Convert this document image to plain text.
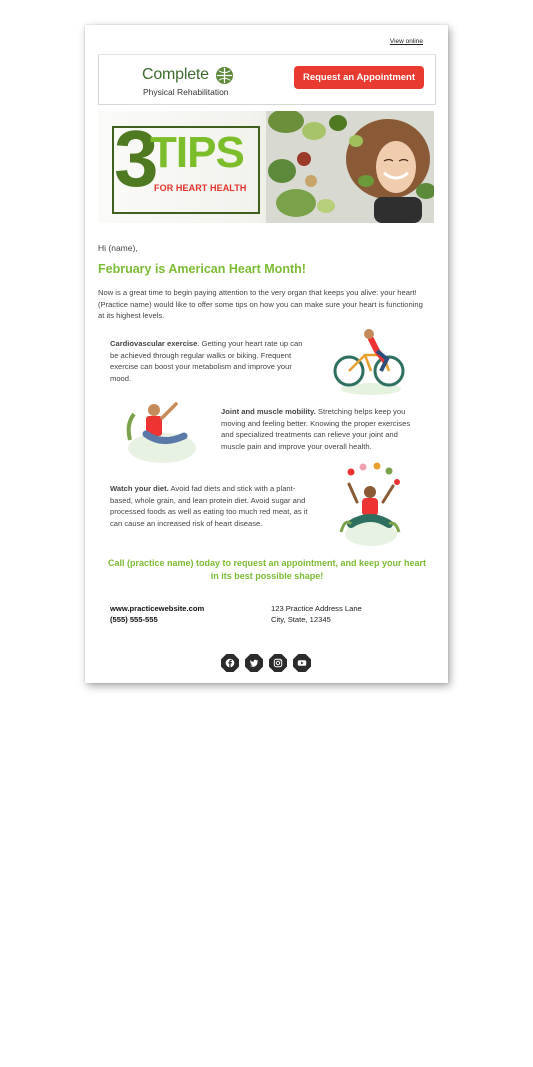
View online
Complete
Physical Rehabilitation
Request an Appointment
3
TIPS
FOR HEART HEALTH
Hi (name),
February is American Heart Month!
Now is a great time to begin paying attention to the very organ that keeps you alive: your heart! (Practice name) would like to offer some tips on how you can make sure your heart is functioning at its highest levels.
Cardiovascular exercise. Getting your heart rate up can be achieved through regular walks or biking. Frequent exercise can boost your metabolism and improve your mood.
Joint and muscle mobility. Stretching helps keep you moving and feeling better. Knowing the proper exercises and specialized treatments can relieve your joint and muscle pain and improve your overall health.
Watch your diet. Avoid fad diets and stick with a plant-based, whole grain, and lean protein diet. Avoid sugar and processed foods as well as eating too much red meat, as it can cause an increased risk of heart disease.
Call (practice name) today to request an appointment, and keep your heart in its best possible shape!
www.practicewebsite.com
(555) 555-555
123 Practice Address Lane
City, State, 12345
